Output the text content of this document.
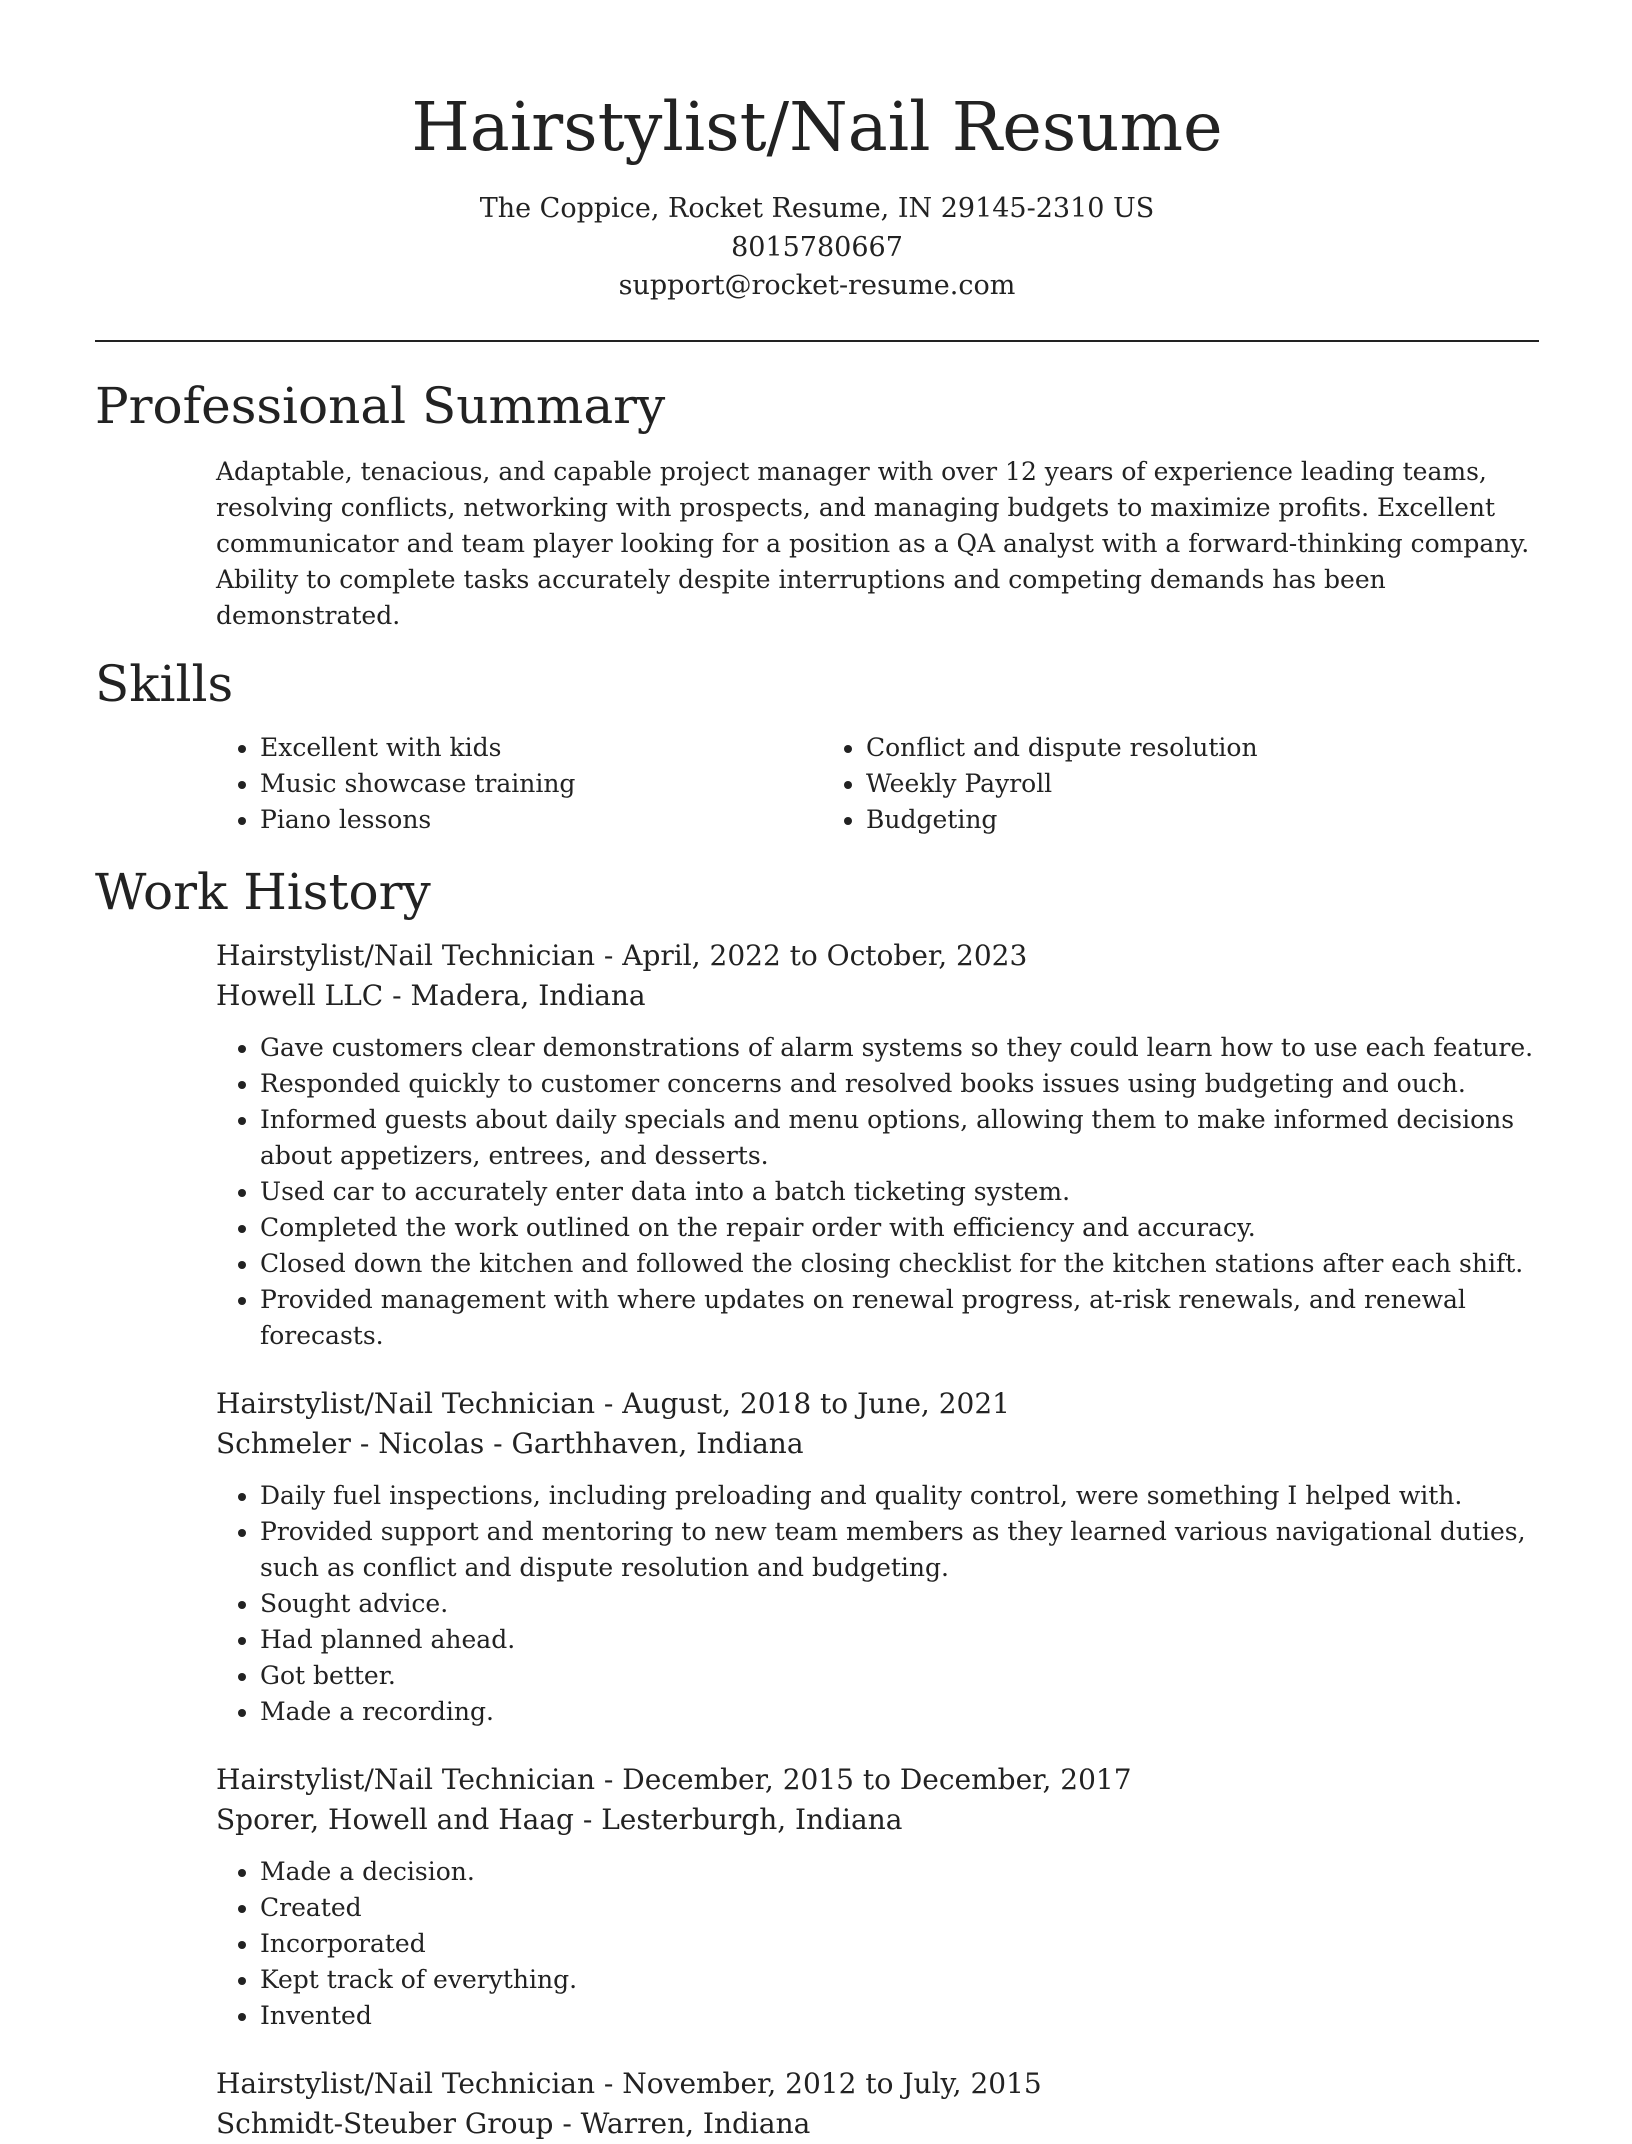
Hairstylist/Nail Resume
The Coppice, Rocket Resume, IN 29145-2310 US
8015780667
support@rocket-resume.com
Professional Summary

Adaptable, tenacious, and capable project manager with over 12 years of experience leading teams, resolving conflicts, networking with prospects, and managing budgets to maximize profits. Excellent communicator and team player looking for a position as a QA analyst with a forward-thinking company. Ability to complete tasks accurately despite interruptions and competing demands has been demonstrated.

Skills
• Excellent with kids
• Music showcase training
• Piano lessons
• Conflict and dispute resolution
• Weekly Payroll
• Budgeting
Work History
Hairstylist/Nail Technician - April, 2022 to October, 2023
Howell LLC - Madera, Indiana
• Gave customers clear demonstrations of alarm systems so they could learn how to use each feature.
• Responded quickly to customer concerns and resolved books issues using budgeting and ouch.
• Informed guests about daily specials and menu options, allowing them to make informed decisions about appetizers, entrees, and desserts.
• Used car to accurately enter data into a batch ticketing system.
• Completed the work outlined on the repair order with efficiency and accuracy.
• Closed down the kitchen and followed the closing checklist for the kitchen stations after each shift.
• Provided management with where updates on renewal progress, at-risk renewals, and renewal forecasts.
Hairstylist/Nail Technician - August, 2018 to June, 2021
Schmeler - Nicolas - Garthhaven, Indiana
• Daily fuel inspections, including preloading and quality control, were something I helped with.
• Provided support and mentoring to new team members as they learned various navigational duties, such as conflict and dispute resolution and budgeting.
• Sought advice.
• Had planned ahead.
• Got better.
• Made a recording.
Hairstylist/Nail Technician - December, 2015 to December, 2017
Sporer, Howell and Haag - Lesterburgh, Indiana
• Made a decision.
• Created
• Incorporated
• Kept track of everything.
• Invented
Hairstylist/Nail Technician - November, 2012 to July, 2015
Schmidt-Steuber Group - Warren, Indiana
